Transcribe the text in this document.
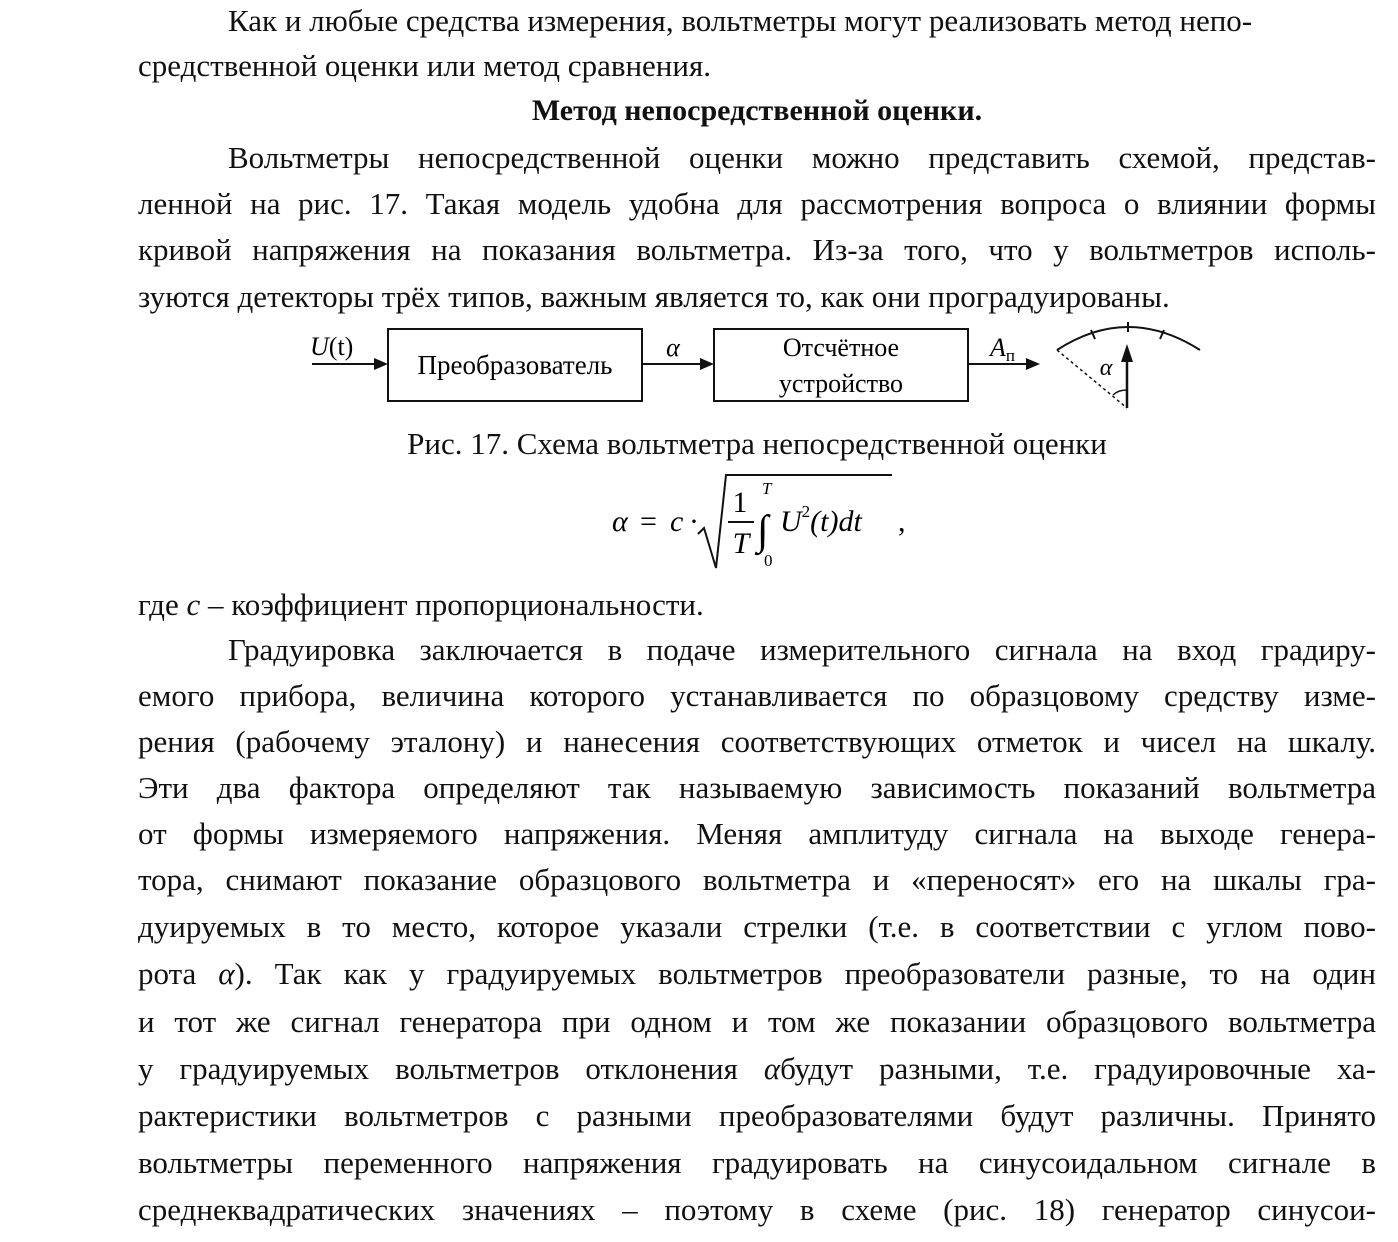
Как и любые средства измерения, вольтметры могут реализовать метод непо-
средственной оценки или метод сравнения.
Метод непосредственной оценки.
Вольтметры непосредственной оценки можно представить схемой, представ-
ленной на рис. 17. Такая модель удобна для рассмотрения вопроса о влиянии формы
кривой напряжения на показания вольтметра. Из-за того, что у вольтметров исполь-
зуются детекторы трёх типов, важным является то, как они проградуированы.
U(t)
Преобразователь
α	Отсчётное
устройство
Aп	α
Рис. 17. Схема вольтметра непосредственной оценки
α = c ·
1
T ∫
T
0
$U^2(t)dt$ ,
где c – коэффициент пропорциональности.
Градуировка заключается в подаче измерительного сигнала на вход градиру-
емого прибора, величина которого устанавливается по образцовому средству изме-
рения (рабочему эталону) и нанесения соответствующих отметок и чисел на шкалу.
Эти два фактора определяют так называемую зависимость показаний вольтметра
от формы измеряемого напряжения. Меняя амплитуду сигнала на выходе генера-
тора, снимают показание образцового вольтметра и «переносят» его на шкалы гра-
дуируемых в то место, которое указали стрелки (т.е. в соответствии с углом пово-
рота α). Так как у градуируемых вольтметров преобразователи разные, то на один
и тот же сигнал генератора при одном и том же показании образцового вольтметра
у градуируемых вольтметров отклонения αбудут разными, т.е. градуировочные ха-
рактеристики вольтметров с разными преобразователями будут различны. Принято
вольтметры переменного напряжения градуировать на синусоидальном сигнале в
среднеквадратических значениях – поэтому в схеме (рис. 18) генератор синусои-
